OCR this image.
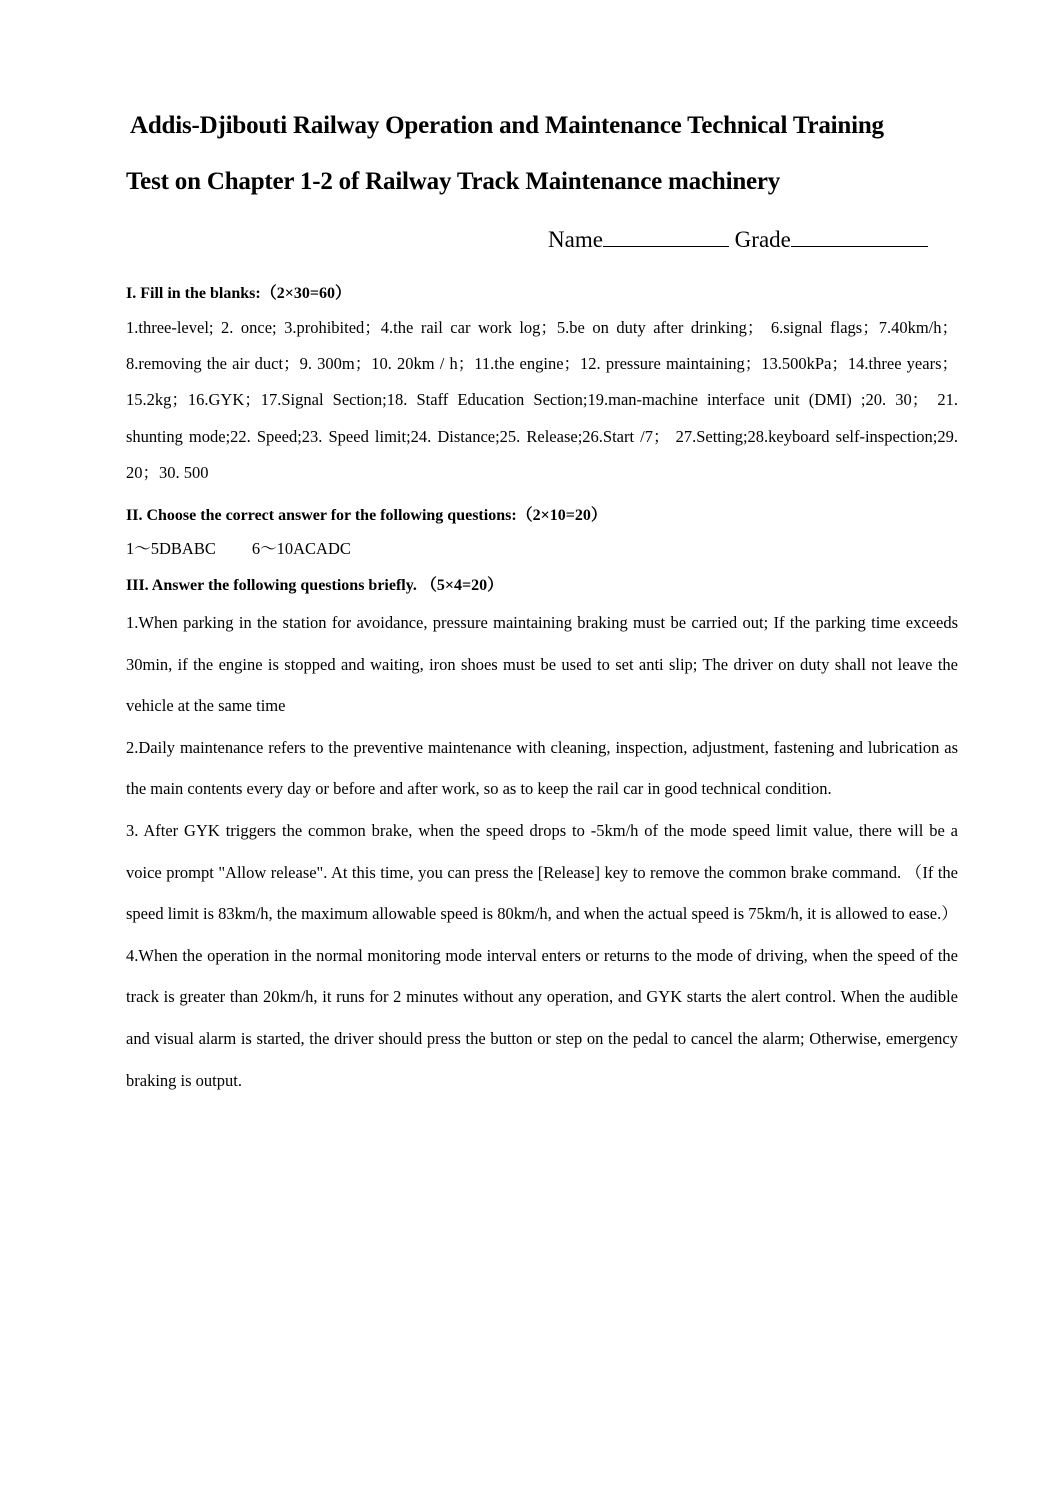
Addis-Djibouti Railway Operation and Maintenance Technical Training
Test on Chapter 1-2 of Railway Track Maintenance machinery
Name	Grade
I. Fill in the blanks:（2×30=60）
1.three-level; 2. once; 3.prohibited；4.the rail car work log；5.be on duty after drinking； 6.signal flags；7.40km/h；8.removing the air duct；9. 300m；10. 20km / h；11.the engine；12. pressure maintaining；13.500kPa；14.three years；15.2kg；16.GYK；17.Signal Section;18. Staff Education Section;19.man-machine interface unit (DMI) ;20. 30； 21. shunting mode;22. Speed;23. Speed limit;24. Distance;25. Release;26.Start /7； 27.Setting;28.keyboard self-inspection;29. 20；30. 500
II. Choose the correct answer for the following questions:（2×10=20）
1～5DBABC 6～10ACADC
III. Answer the following questions briefly. （5×4=20）

1.When parking in the station for avoidance, pressure maintaining braking must be carried out; If the parking time exceeds 30min, if the engine is stopped and waiting, iron shoes must be used to set anti slip; The driver on duty shall not leave the vehicle at the same time

2.Daily maintenance refers to the preventive maintenance with cleaning, inspection, adjustment, fastening and lubrication as the main contents every day or before and after work, so as to keep the rail car in good technical condition.

3. After GYK triggers the common brake, when the speed drops to -5km/h of the mode speed limit value, there will be a voice prompt "Allow release". At this time, you can press the [Release] key to remove the common brake command. （If the speed limit is 83km/h, the maximum allowable speed is 80km/h, and when the actual speed is 75km/h, it is allowed to ease.）

4.When the operation in the normal monitoring mode interval enters or returns to the mode of driving, when the speed of the track is greater than 20km/h, it runs for 2 minutes without any operation, and GYK starts the alert control. When the audible and visual alarm is started, the driver should press the button or step on the pedal to cancel the alarm; Otherwise, emergency braking is output.
